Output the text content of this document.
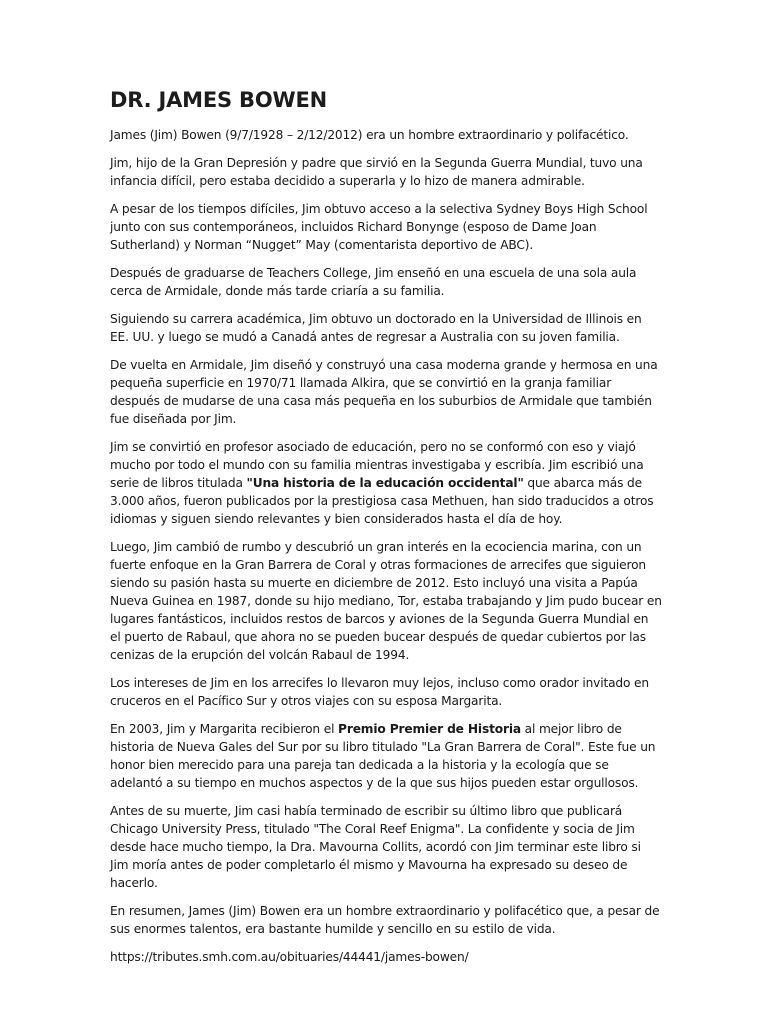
DR. JAMES BOWEN

James (Jim) Bowen (9/7/1928 – 2/12/2012) era un hombre extraordinario y polifacético.

Jim, hijo de la Gran Depresión y padre que sirvió en la Segunda Guerra Mundial, tuvo una infancia difícil, pero estaba decidido a superarla y lo hizo de manera admirable.

A pesar de los tiempos difíciles, Jim obtuvo acceso a la selectiva Sydney Boys High School junto con sus contemporáneos, incluidos Richard Bonynge (esposo de Dame Joan Sutherland) y Norman “Nugget” May (comentarista deportivo de ABC).

Después de graduarse de Teachers College, Jim enseñó en una escuela de una sola aula cerca de Armidale, donde más tarde criaría a su familia.

Siguiendo su carrera académica, Jim obtuvo un doctorado en la Universidad de Illinois en EE. UU. y luego se mudó a Canadá antes de regresar a Australia con su joven familia.

De vuelta en Armidale, Jim diseñó y construyó una casa moderna grande y hermosa en una pequeña superficie en 1970/71 llamada Alkira, que se convirtió en la granja familiar después de mudarse de una casa más pequeña en los suburbios de Armidale que también fue diseñada por Jim.

Jim se convirtió en profesor asociado de educación, pero no se conformó con eso y viajó mucho por todo el mundo con su familia mientras investigaba y escribía. Jim escribió una serie de libros titulada "Una historia de la educación occidental" que abarca más de 3.000 años, fueron publicados por la prestigiosa casa Methuen, han sido traducidos a otros idiomas y siguen siendo relevantes y bien considerados hasta el día de hoy.

Luego, Jim cambió de rumbo y descubrió un gran interés en la ecociencia marina, con un fuerte enfoque en la Gran Barrera de Coral y otras formaciones de arrecifes que siguieron siendo su pasión hasta su muerte en diciembre de 2012. Esto incluyó una visita a Papúa Nueva Guinea en 1987, donde su hijo mediano, Tor, estaba trabajando y Jim pudo bucear en lugares fantásticos, incluidos restos de barcos y aviones de la Segunda Guerra Mundial en el puerto de Rabaul, que ahora no se pueden bucear después de quedar cubiertos por las cenizas de la erupción del volcán Rabaul de 1994.

Los intereses de Jim en los arrecifes lo llevaron muy lejos, incluso como orador invitado en cruceros en el Pacífico Sur y otros viajes con su esposa Margarita.

En 2003, Jim y Margarita recibieron el Premio Premier de Historia al mejor libro de historia de Nueva Gales del Sur por su libro titulado "La Gran Barrera de Coral". Este fue un honor bien merecido para una pareja tan dedicada a la historia y la ecología que se adelantó a su tiempo en muchos aspectos y de la que sus hijos pueden estar orgullosos.

Antes de su muerte, Jim casi había terminado de escribir su último libro que publicará Chicago University Press, titulado "The Coral Reef Enigma". La confidente y socia de Jim desde hace mucho tiempo, la Dra. Mavourna Collits, acordó con Jim terminar este libro si Jim moría antes de poder completarlo él mismo y Mavourna ha expresado su deseo de hacerlo.

En resumen, James (Jim) Bowen era un hombre extraordinario y polifacético que, a pesar de sus enormes talentos, era bastante humilde y sencillo en su estilo de vida.

https://tributes.smh.com.au/obituaries/44441/james-bowen/
